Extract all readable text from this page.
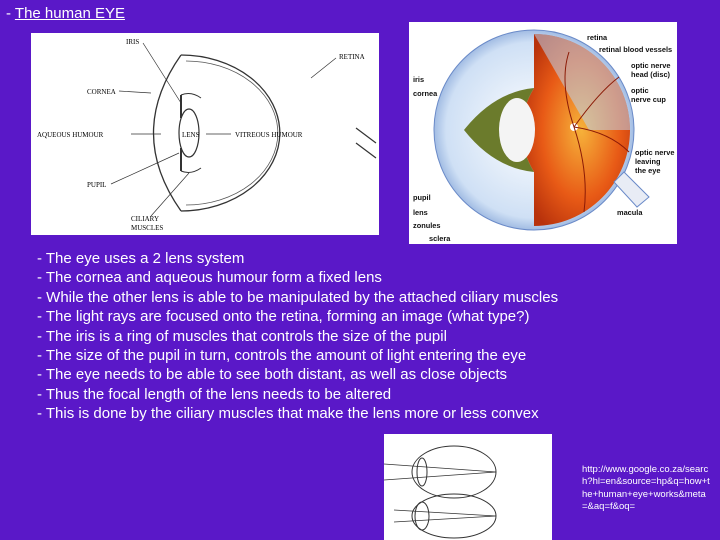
- The human EYE
IRIS
RETINA
CORNEA
AQUEOUS HUMOUR	LENS	VITREOUS HUMOUR
PUPIL
CILIARY
MUSCLES
retina
retinal blood vessels
iris
cornea
optic nerve
head (disc)
optic
nerve cup
optic nerve
leaving
the eye
pupil
lens
zonules
sclera
macula
- The eye uses a 2 lens system
- The cornea and aqueous humour form a fixed lens
- While the other lens is able to be manipulated by the attached ciliary muscles
- The light rays are focused onto the retina, forming an image (what type?)
- The iris is a ring of muscles that controls the size of the pupil
- The size of the pupil in turn, controls the amount of light entering the eye
- The eye needs to be able to see both distant, as well as close objects
- Thus the focal length of the lens needs to be altered
- This is done by the ciliary muscles that make the lens more or less convex
http://www.google.co.za/search?hl=en&source=hp&q=how+the+human+eye+works&meta=&aq=f&oq=
